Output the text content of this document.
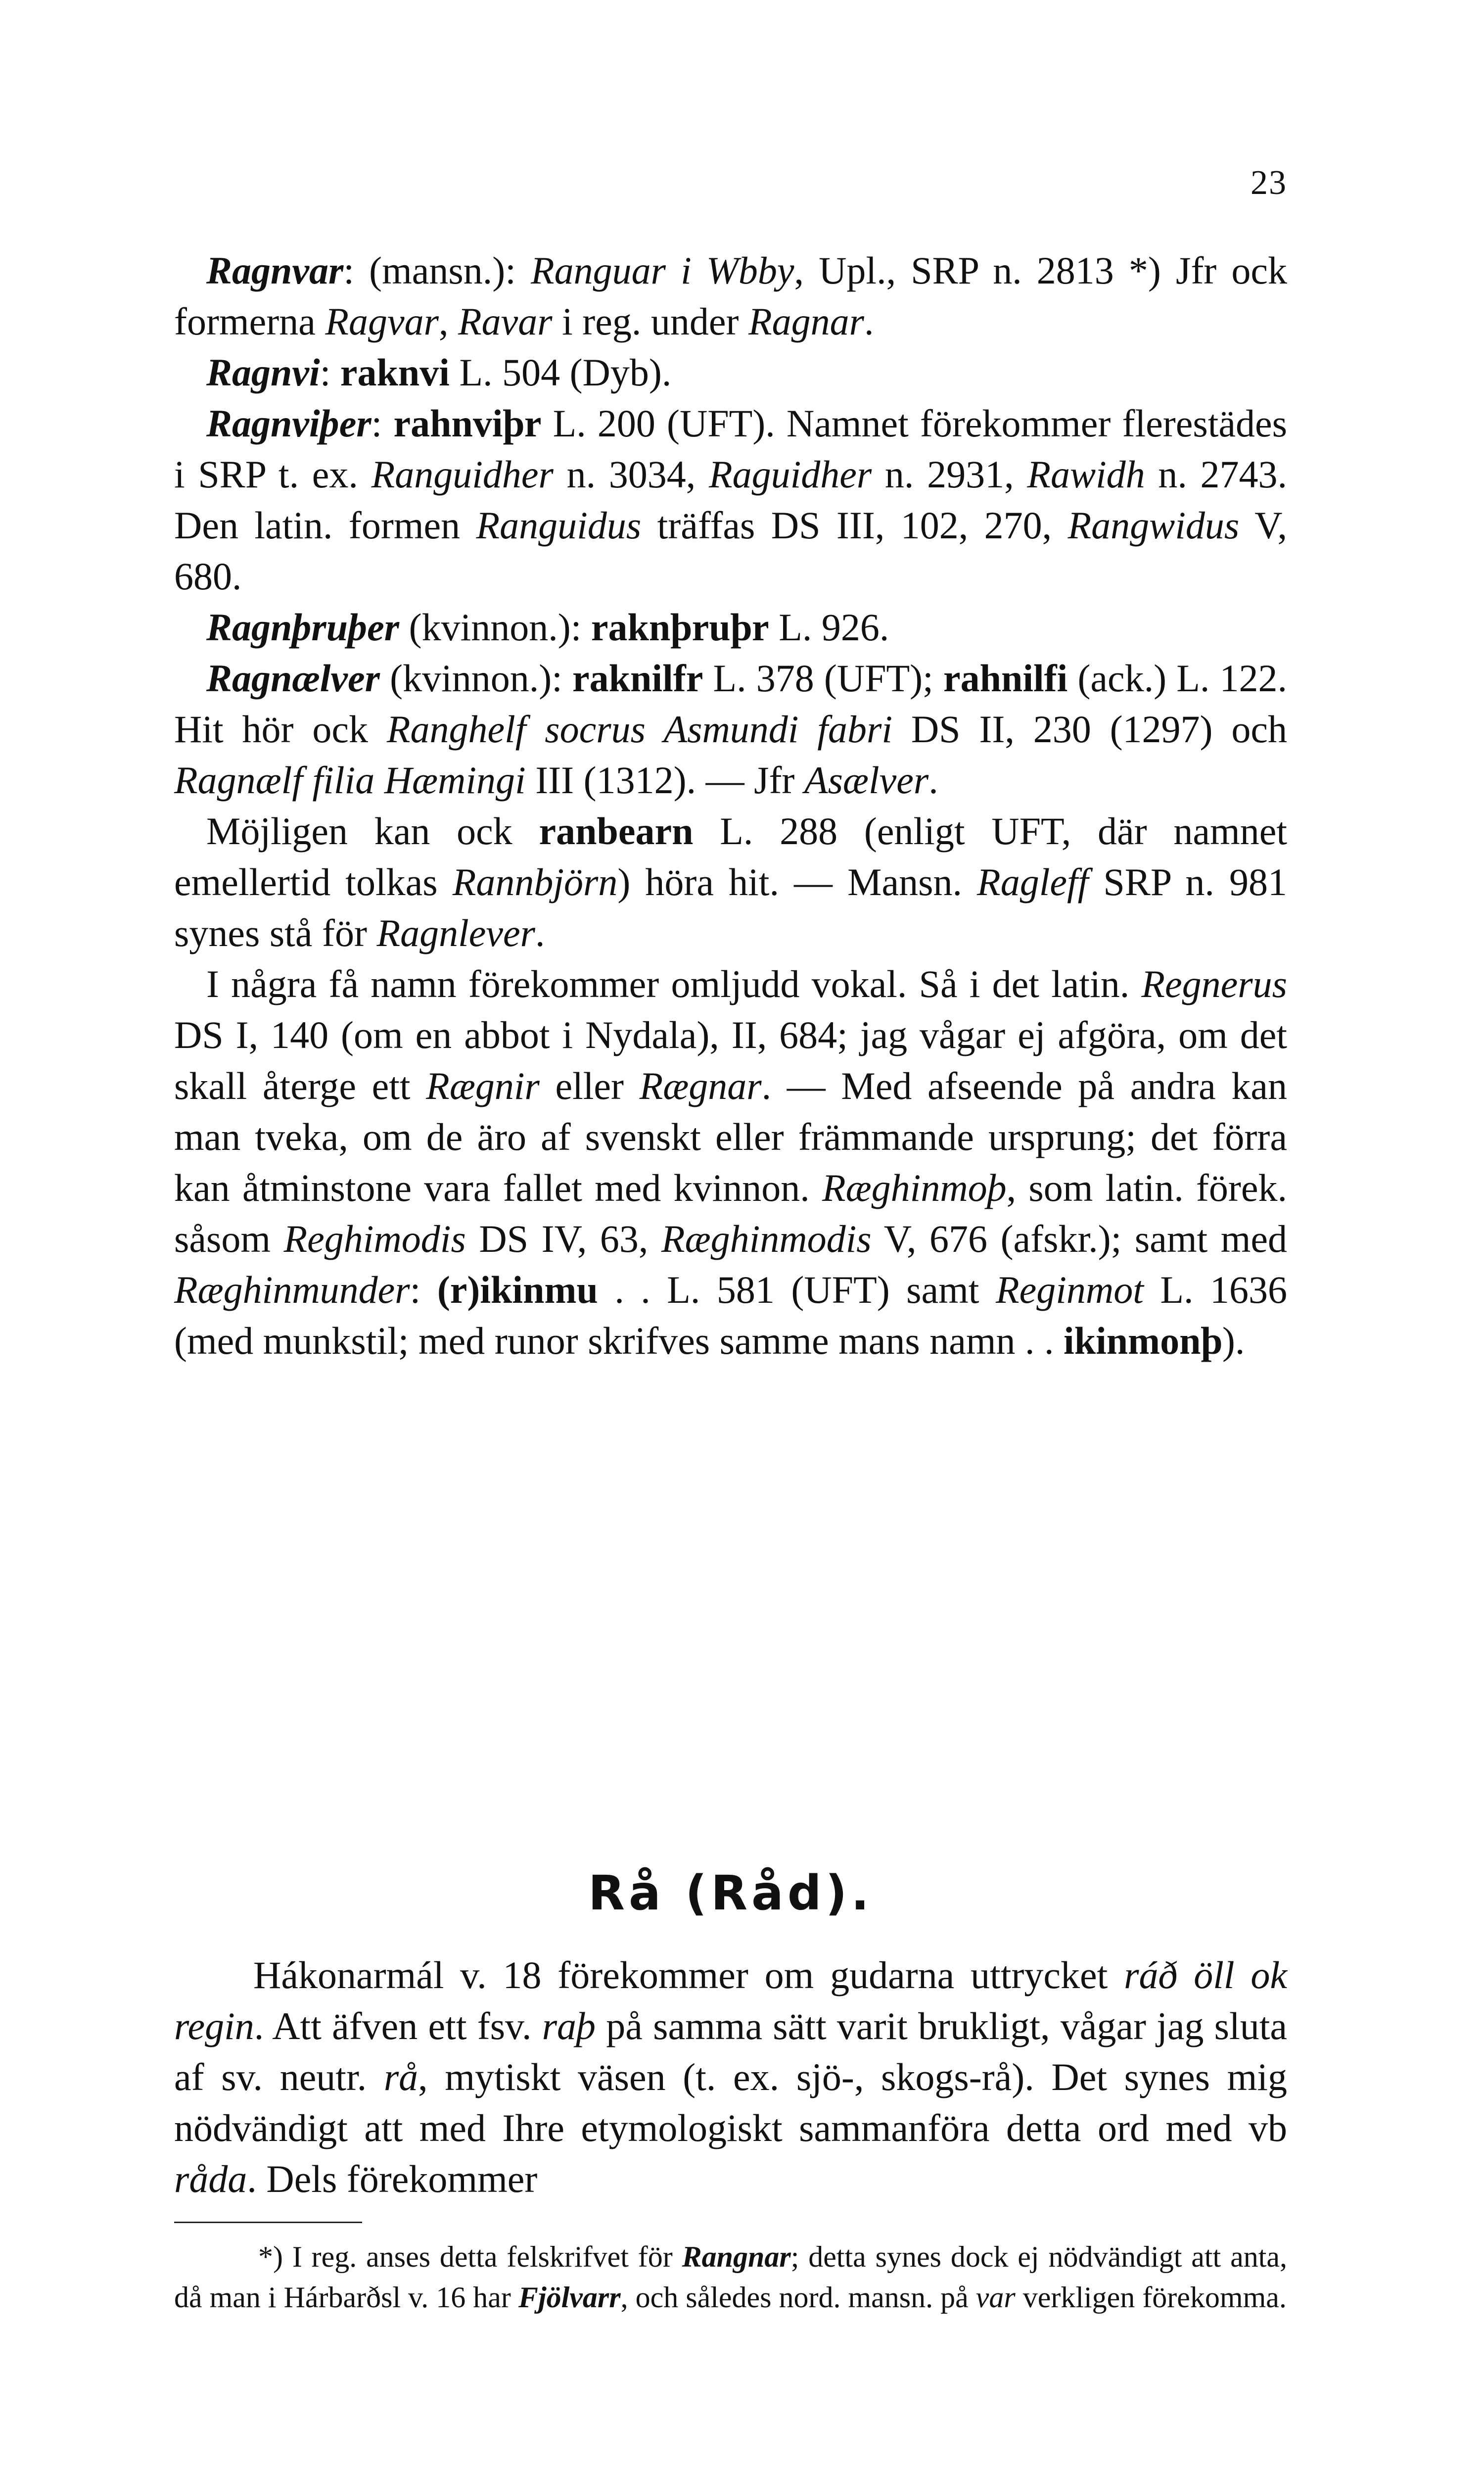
23

Ragnvar: (mansn.): Ranguar i Wbby, Upl., SRP n. 2813 *) Jfr ock formerna Ragvar, Ravar i reg. under Ragnar.

Ragnvi: raknvi L. 504 (Dyb).

Ragnviþer: rahnviþr L. 200 (UFT). Namnet förekommer flerestädes i SRP t. ex. Ranguidher n. 3034, Raguidher n. 2931, Rawidh n. 2743. Den latin. formen Ranguidus träffas DS III, 102, 270, Rangwidus V, 680.

Ragnþruþer (kvinnon.): raknþruþr L. 926.

Ragnælver (kvinnon.): raknilfr L. 378 (UFT); rahnilfi (ack.) L. 122. Hit hör ock Ranghelf socrus Asmundi fabri DS II, 230 (1297) och Ragnælf filia Hæmingi III (1312). — Jfr Asælver.

Möjligen kan ock ranbearn L. 288 (enligt UFT, där namnet emellertid tolkas Rannbjörn) höra hit. — Mansn. Ragleff SRP n. 981 synes stå för Ragnlever.

I några få namn förekommer omljudd vokal. Så i det latin. Regnerus DS I, 140 (om en abbot i Nydala), II, 684; jag vågar ej afgöra, om det skall återge ett Rægnir eller Rægnar. — Med afseende på andra kan man tveka, om de äro af svenskt eller främmande ursprung; det förra kan åtminstone vara fallet med kvinnon. Ræghinmoþ, som latin. förek. såsom Reghimodis DS IV, 63, Ræghinmodis V, 676 (afskr.); samt med Ræghinmunder: (r)ikinmu . . L. 581 (UFT) samt Reginmot L. 1636 (med munkstil; med runor skrifves samme mans namn . . ikinmonþ).

Rå (Råd).

Hákonarmál v. 18 förekommer om gudarna uttrycket ráð öll ok regin. Att äfven ett fsv. raþ på samma sätt varit brukligt, vågar jag sluta af sv. neutr. rå, mytiskt väsen (t. ex. sjö-, skogs-rå). Det synes mig nödvändigt att med Ihre etymologiskt sammanföra detta ord med vb råda. Dels förekommer

*) I reg. anses detta felskrifvet för Rangnar; detta synes dock ej nödvändigt att anta, då man i Hárbarðsl v. 16 har Fjölvarr, och således nord. mansn. på var verkligen förekomma.
